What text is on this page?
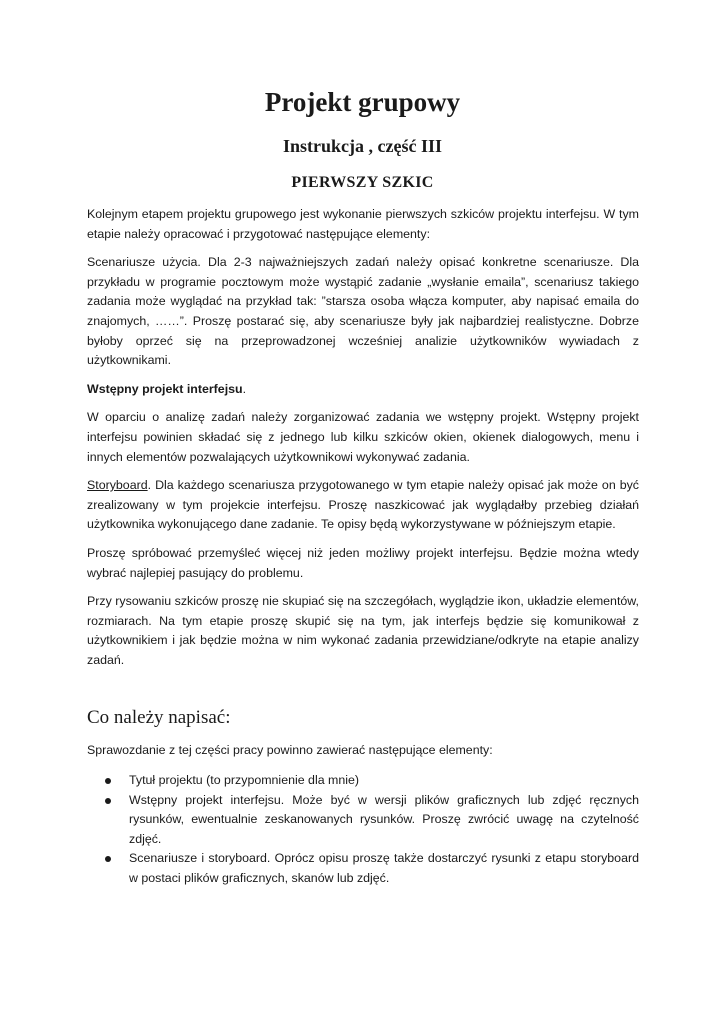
Projekt grupowy
Instrukcja , część III
PIERWSZY SZKIC

Kolejnym etapem projektu grupowego jest wykonanie pierwszych szkiców projektu interfejsu. W tym etapie należy opracować i przygotować następujące elementy:

Scenariusze użycia. Dla 2-3 najważniejszych zadań należy opisać konkretne scenariusze. Dla przykładu w programie pocztowym może wystąpić zadanie „wysłanie emaila”, scenariusz takiego zadania może wyglądać na przykład tak: ”starsza osoba włącza komputer, aby napisać emaila do znajomych, ……”. Proszę postarać się, aby scenariusze były jak najbardziej realistyczne. Dobrze byłoby oprzeć się na przeprowadzonej wcześniej analizie użytkowników wywiadach z użytkownikami.

Wstępny projekt interfejsu.

W oparciu o analizę zadań należy zorganizować zadania we wstępny projekt. Wstępny projekt interfejsu powinien składać się z jednego lub kilku szkiców okien, okienek dialogowych, menu i innych elementów pozwalających użytkownikowi wykonywać zadania.

Storyboard. Dla każdego scenariusza przygotowanego w tym etapie należy opisać jak może on być zrealizowany w tym projekcie interfejsu. Proszę naszkicować jak wyglądałby przebieg działań użytkownika wykonującego dane zadanie. Te opisy będą wykorzystywane w późniejszym etapie.

Proszę spróbować przemyśleć więcej niż jeden możliwy projekt interfejsu. Będzie można wtedy wybrać najlepiej pasujący do problemu.

Przy rysowaniu szkiców proszę nie skupiać się na szczegółach, wyglądzie ikon, układzie elementów, rozmiarach. Na tym etapie proszę skupić się na tym, jak interfejs będzie się komunikował z użytkownikiem i jak będzie można w nim wykonać zadania przewidziane/odkryte na etapie analizy zadań.

Co należy napisać:

Sprawozdanie z tej części pracy powinno zawierać następujące elementy:

Tytuł projektu (to przypomnienie dla mnie)
Wstępny projekt interfejsu. Może być w wersji plików graficznych lub zdjęć ręcznych rysunków, ewentualnie zeskanowanych rysunków. Proszę zwrócić uwagę na czytelność zdjęć.
Scenariusze i storyboard. Oprócz opisu proszę także dostarczyć rysunki z etapu storyboard w postaci plików graficznych, skanów lub zdjęć.
